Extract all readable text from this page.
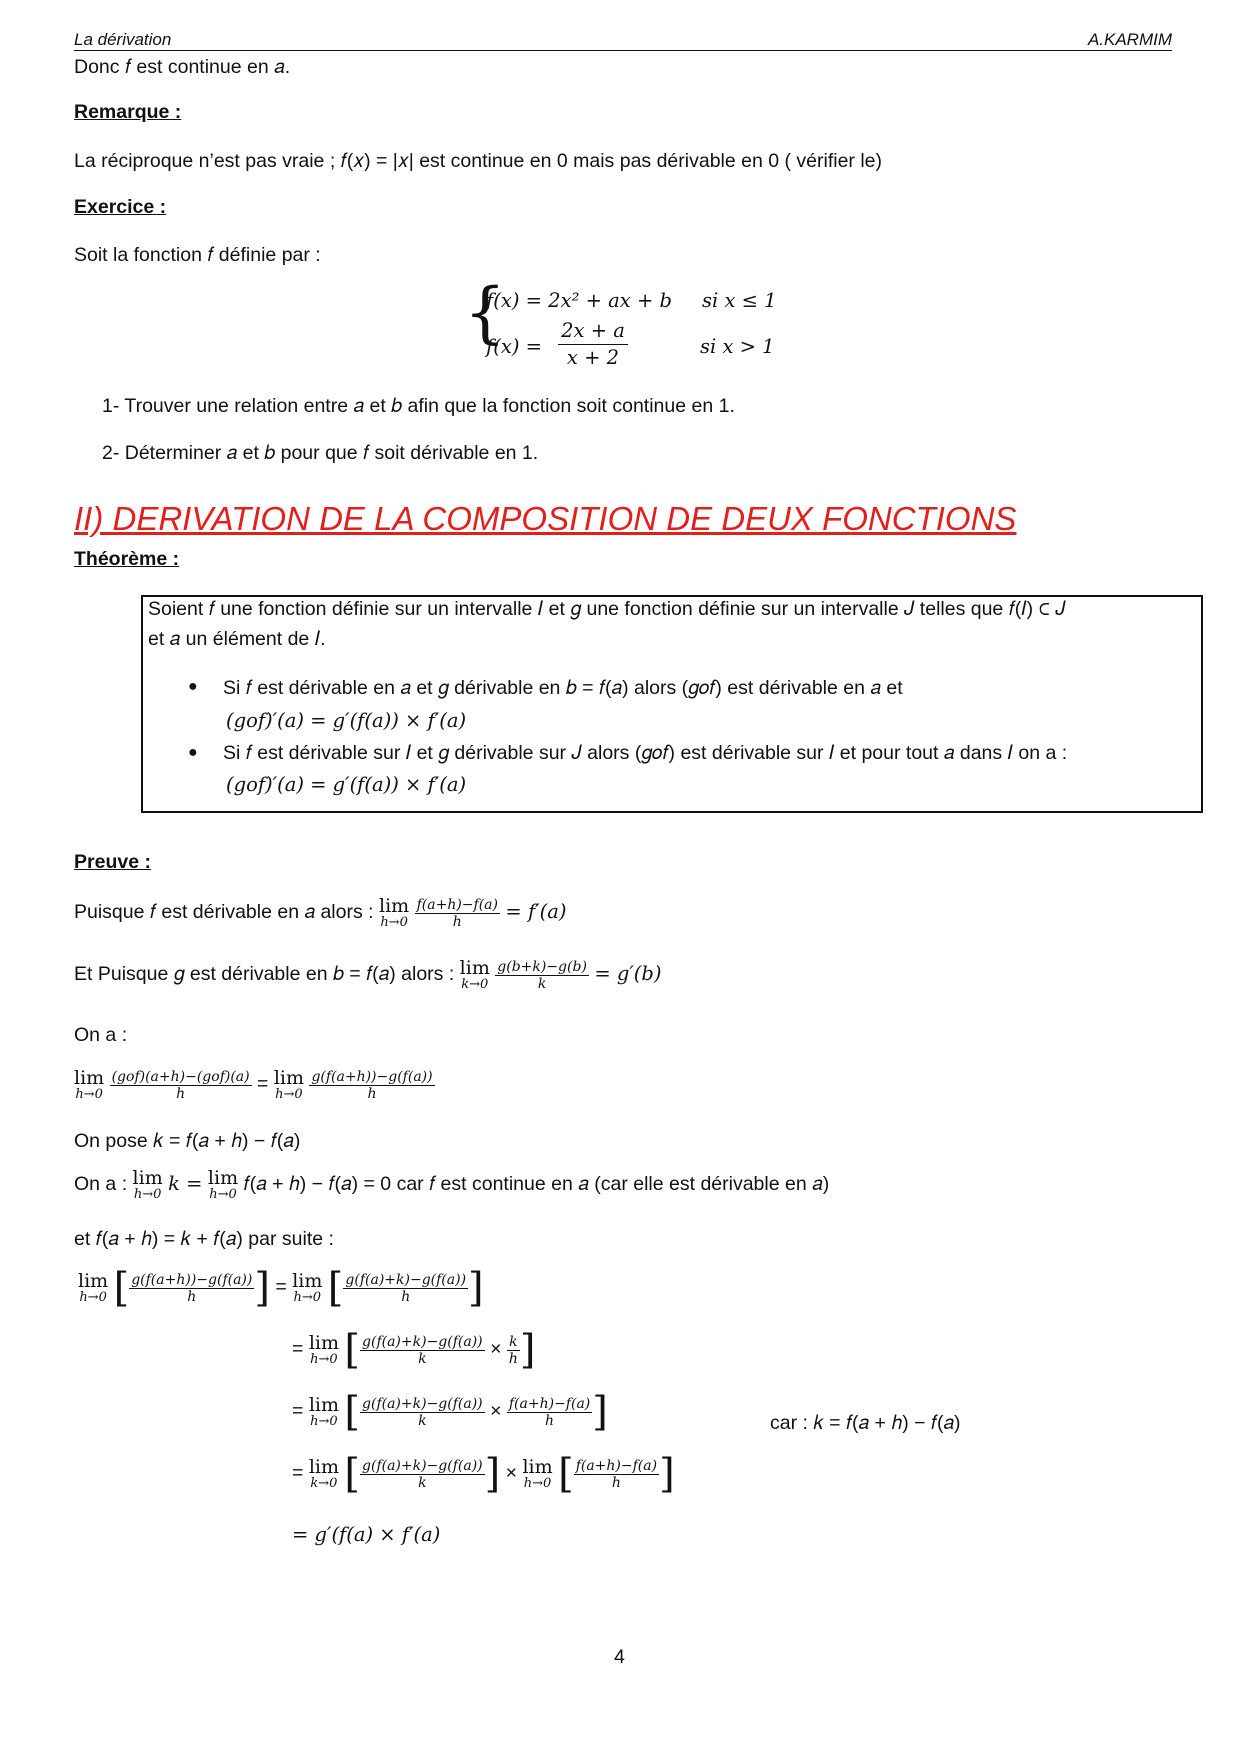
La dérivation	A.KARMIM
Donc 𝑓 est continue en 𝑎.
Remarque :
La réciproque n’est pas vraie ; 𝑓(𝑥) = |𝑥| est continue en 0 mais pas dérivable en 0 ( vérifier le)
Exercice :
Soit la fonction 𝑓 définie par :
{
𝑓(𝑥) = 2𝑥² + 𝑎𝑥 + 𝑏 si 𝑥 ≤ 1
𝑓(𝑥) =
2𝑥 + 𝑎
𝑥 + 2	si 𝑥 > 1
1- Trouver une relation entre 𝑎 et 𝑏 afin que la fonction soit continue en 1.
2- Déterminer 𝑎 et 𝑏 pour que 𝑓 soit dérivable en 1.
II) DERIVATION DE LA COMPOSITION DE DEUX FONCTIONS
Théorème :
Soient 𝑓 une fonction définie sur un intervalle 𝐼 et 𝑔 une fonction définie sur un intervalle 𝐽 telles que 𝑓(𝐼) ⊂ 𝐽
et 𝑎 un élément de 𝐼.
● Si 𝑓 est dérivable en 𝑎 et 𝑔 dérivable en 𝑏 = 𝑓(𝑎) alors (𝑔𝑜𝑓) est dérivable en 𝑎 et
(𝑔𝑜𝑓)′(𝑎) = 𝑔′(𝑓(𝑎)) × 𝑓′(𝑎)
● Si 𝑓 est dérivable sur 𝐼 et 𝑔 dérivable sur 𝐽 alors (𝑔𝑜𝑓) est dérivable sur 𝐼 et pour tout 𝑎 dans 𝐼 on a :
(𝑔𝑜𝑓)′(𝑎) = 𝑔′(𝑓(𝑎)) × 𝑓′(𝑎)
Preuve :
Puisque 𝑓 est dérivable en 𝑎 alors : lim
ℎ→0
$\frac{\text{𝑓(𝑎+ℎ)−𝑓(𝑎)}}{\text{ℎ}}$ = 𝑓′(𝑎)
Et Puisque 𝑔 est dérivable en 𝑏 = 𝑓(𝑎) alors : lim
𝑘→0
$\frac{\text{𝑔(𝑏+𝑘)−𝑔(𝑏)}}{\text{𝑘}}$ = 𝑔′(𝑏)
On a :
lim
ℎ→0
$\frac{\text{(𝑔𝑜𝑓)(𝑎+ℎ)−(𝑔𝑜𝑓)(𝑎)}}{\text{ℎ}} = \lim$
ℎ→0
$\frac{\text{𝑔(𝑓(𝑎+ℎ))−𝑔(𝑓(𝑎))}}{\text{ℎ}}$
On pose 𝑘 = 𝑓(𝑎 + ℎ) − 𝑓(𝑎)
On a : lim
ℎ→0 𝑘 = lim
ℎ→0 𝑓(𝑎 + ℎ) − 𝑓(𝑎) = 0 car 𝑓 est continue en 𝑎 (car elle est dérivable en 𝑎)
et 𝑓(𝑎 + ℎ) = 𝑘 + 𝑓(𝑎) par suite :
lim
ℎ→0 [ $\frac{\text{𝑔(𝑓(𝑎+ℎ))−𝑔(𝑓(𝑎))}}{\text{ℎ}}$ ] = lim
ℎ→0 [ $\frac{\text{𝑔(𝑓(𝑎)+𝑘)−𝑔(𝑓(𝑎))}}{\text{ℎ}}$ ]
= lim
ℎ→0 [ $\frac{\text{𝑔(𝑓(𝑎)+𝑘)−𝑔(𝑓(𝑎))}}{\text{𝑘}} \times \frac{\text{𝑘}}{\text{ℎ}}$ ]
= lim
ℎ→0 [ $\frac{\text{𝑔(𝑓(𝑎)+𝑘)−𝑔(𝑓(𝑎))}}{\text{𝑘}} \times \frac{\text{𝑓(𝑎+ℎ)−𝑓(𝑎)}}{\text{ℎ}}$ ]	car : 𝑘 = 𝑓(𝑎 + ℎ) − 𝑓(𝑎)
= lim
𝑘→0 [ $\frac{\text{𝑔(𝑓(𝑎)+𝑘)−𝑔(𝑓(𝑎))}}{\text{𝑘}}$ ] × lim
ℎ→0 [ $\frac{\text{𝑓(𝑎+ℎ)−𝑓(𝑎)}}{\text{ℎ}}$ ]
= 𝑔′(𝑓(𝑎) × 𝑓′(𝑎)
4
